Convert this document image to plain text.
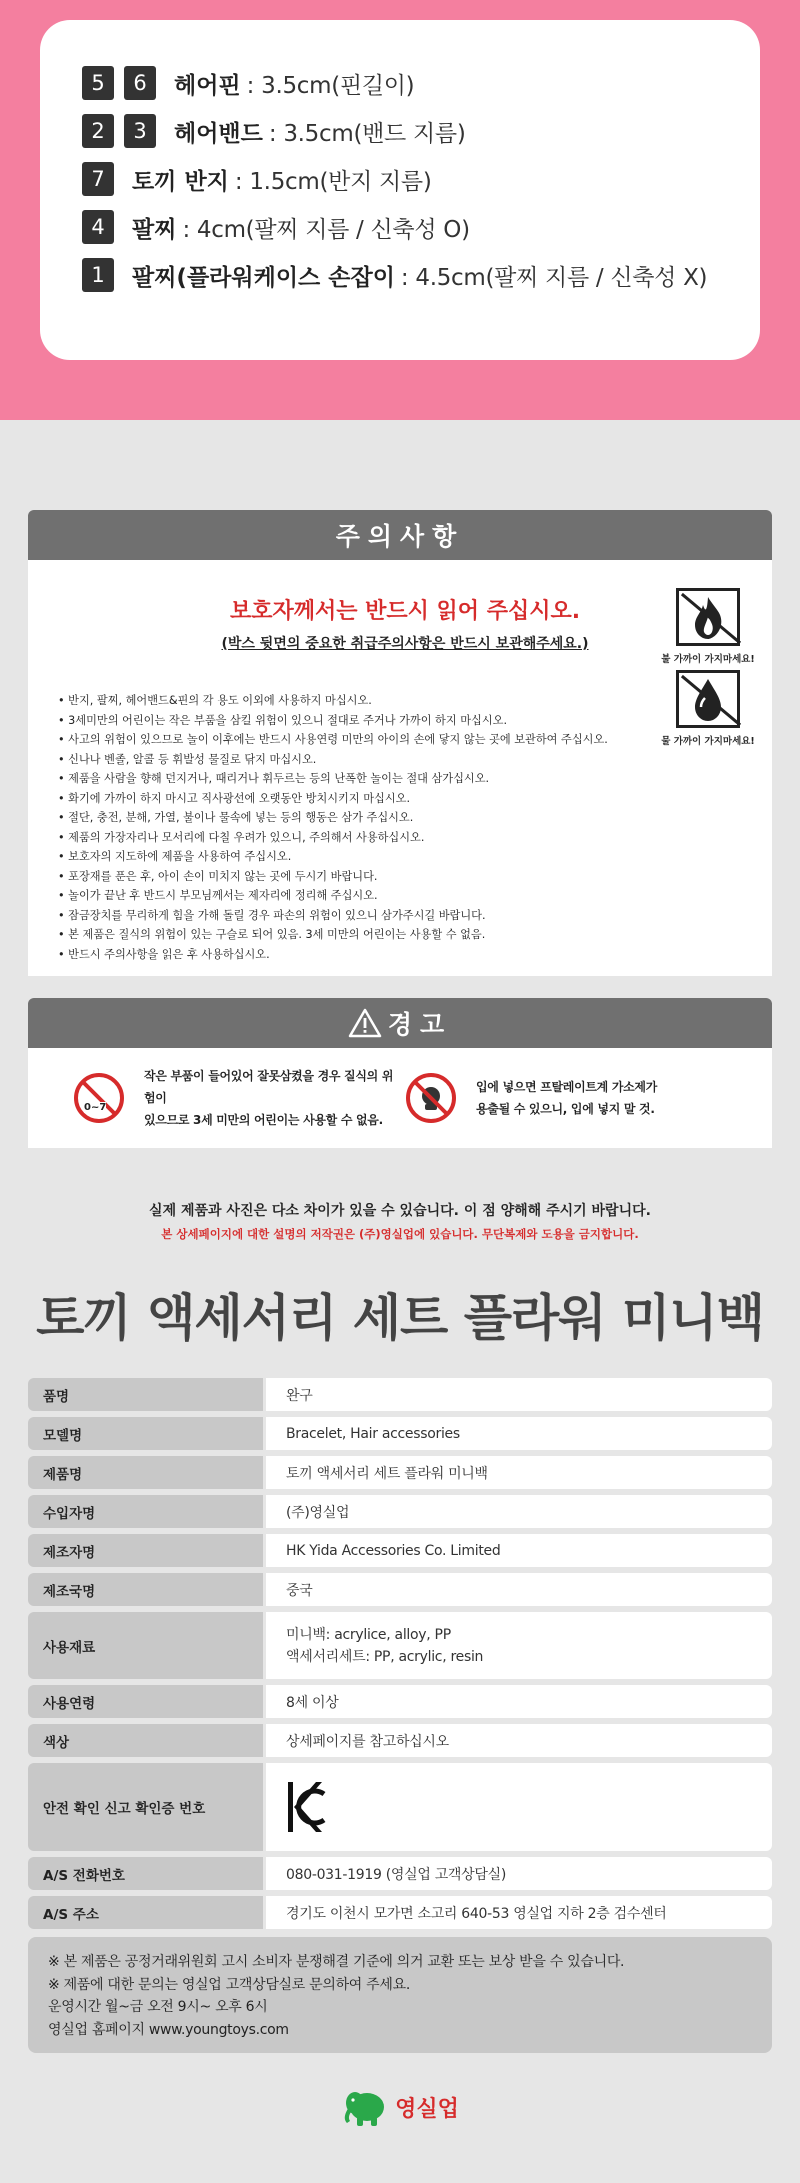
5	6	헤어핀 : 3.5cm(핀길이)
2	3	헤어밴드 : 3.5cm(밴드 지름)
7	토끼 반지 : 1.5cm(반지 지름)
4	팔찌 : 4cm(팔찌 지름 / 신축성 O)
1	팔찌(플라워케이스 손잡이 : 4.5cm(팔찌 지름 / 신축성 X)
주의사항
보호자께서는 반드시 읽어 주십시오.
(박스 뒷면의 중요한 취급주의사항은 반드시 보관해주세요.)
• 반지, 팔찌, 헤어밴드&핀의 각 용도 이외에 사용하지 마십시오.
• 3세미만의 어린이는 작은 부품을 삼킬 위험이 있으니 절대로 주거나 가까이 하지 마십시오.
• 사고의 위험이 있으므로 놀이 이후에는 반드시 사용연령 미만의 아이의 손에 닿지 않는 곳에 보관하여 주십시오.
• 신나나 벤졸, 알콜 등 휘발성 물질로 닦지 마십시오.
• 제품을 사람을 향해 던지거나, 때리거나 휘두르는 등의 난폭한 놀이는 절대 삼가십시오.
• 화기에 가까이 하지 마시고 직사광선에 오랫동안 방치시키지 마십시오.
• 절단, 충전, 분해, 가열, 불이나 물속에 넣는 등의 행동은 삼가 주십시오.
• 제품의 가장자리나 모서리에 다칠 우려가 있으니, 주의해서 사용하십시오.
• 보호자의 지도하에 제품을 사용하여 주십시오.
• 포장재를 푼은 후, 아이 손이 미치지 않는 곳에 두시기 바랍니다.
• 놀이가 끝난 후 반드시 부모님께서는 제자리에 정리해 주십시오.
• 잠금장치를 무리하게 힘을 가해 돌릴 경우 파손의 위험이 있으니 삼가주시길 바랍니다.
• 본 제품은 질식의 위험이 있는 구슬로 되어 있음. 3세 미만의 어린이는 사용할 수 없음.
• 반드시 주의사항을 읽은 후 사용하십시오.
불 가까이 가지마세요!
물 가까이 가지마세요!
경고
0~7
작은 부품이 들어있어 잘못삼켰을 경우 질식의 위험이
있으므로 3세 미만의 어린이는 사용할 수 없음.
입에 넣으면 프탈레이트계 가소제가
용출될 수 있으니, 입에 넣지 말 것.
실제 제품과 사진은 다소 차이가 있을 수 있습니다. 이 점 양해해 주시기 바랍니다.
본 상세페이지에 대한 설명의 저작권은 (주)영실업에 있습니다. 무단복제와 도용을 금지합니다.
토끼 액세서리 세트 플라워 미니백
품명	완구
모델명	Bracelet, Hair accessories
제품명	토끼 액세서리 세트 플라워 미니백
수입자명	(주)영실업
제조자명	HK Yida Accessories Co. Limited
제조국명	중국
사용재료
미니백: acrylice, alloy, PP
액세서리세트: PP, acrylic, resin
사용연령	8세 이상
색상	상세페이지를 참고하십시오
안전 확인 신고 확인증 번호
A/S 전화번호	080-031-1919 (영실업 고객상담실)
A/S 주소	경기도 이천시 모가면 소고리 640-53 영실업 지하 2층 검수센터

※ 본 제품은 공정거래위원회 고시 소비자 분쟁해결 기준에 의거 교환 또는 보상 받을 수 있습니다.

※ 제품에 대한 문의는 영실업 고객상담실로 문의하여 주세요.

운영시간 월~금 오전 9시~ 오후 6시

영실업 홈페이지 www.youngtoys.com

영실업
